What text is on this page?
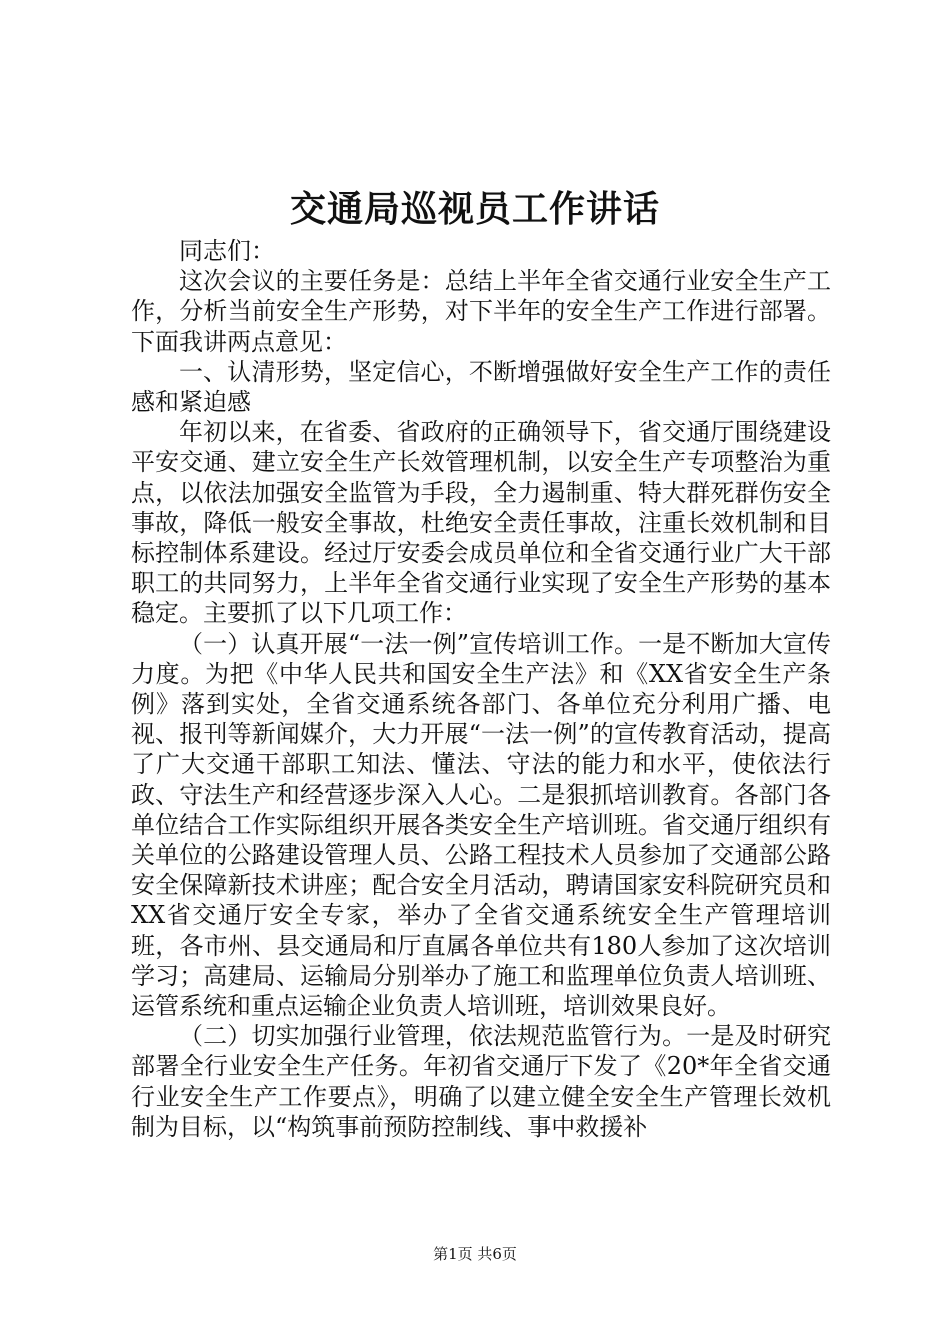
交通局巡视员工作讲话

同志们：

这次会议的主要任务是：总结上半年全省交通行业安全生产工作，分析当前安全生产形势，对下半年的安全生产工作进行部署。下面我讲两点意见：

一、认清形势，坚定信心，不断增强做好安全生产工作的责任感和紧迫感

年初以来，在省委、省政府的正确领导下，省交通厅围绕建设平安交通、建立安全生产长效管理机制，以安全生产专项整治为重点，以依法加强安全监管为手段，全力遏制重、特大群死群伤安全事故，降低一般安全事故，杜绝安全责任事故，注重长效机制和目标控制体系建设。经过厅安委会成员单位和全省交通行业广大干部职工的共同努力，上半年全省交通行业实现了安全生产形势的基本稳定。主要抓了以下几项工作：

（一）认真开展“一法一例”宣传培训工作。一是不断加大宣传力度。为把《中华人民共和国安全生产法》和《XX省安全生产条例》落到实处，全省交通系统各部门、各单位充分利用广播、电视、报刊等新闻媒介，大力开展“一法一例”的宣传教育活动，提高了广大交通干部职工知法、懂法、守法的能力和水平，使依法行政、守法生产和经营逐步深入人心。二是狠抓培训教育。各部门各单位结合工作实际组织开展各类安全生产培训班。省交通厅组织有关单位的公路建设管理人员、公路工程技术人员参加了交通部公路安全保障新技术讲座；配合安全月活动，聘请国家安科院研究员和XX省交通厅安全专家，举办了全省交通系统安全生产管理培训班，各市州、县交通局和厅直属各单位共有180人参加了这次培训学习；高建局、运输局分别举办了施工和监理单位负责人培训班、运管系统和重点运输企业负责人培训班，培训效果良好。

（二）切实加强行业管理，依法规范监管行为。一是及时研究部署全行业安全生产任务。年初省交通厅下发了《20*年全省交通行业安全生产工作要点》，明确了以建立健全安全生产管理长效机制为目标，以“构筑事前预防控制线、事中救援补

第1页 共6页
